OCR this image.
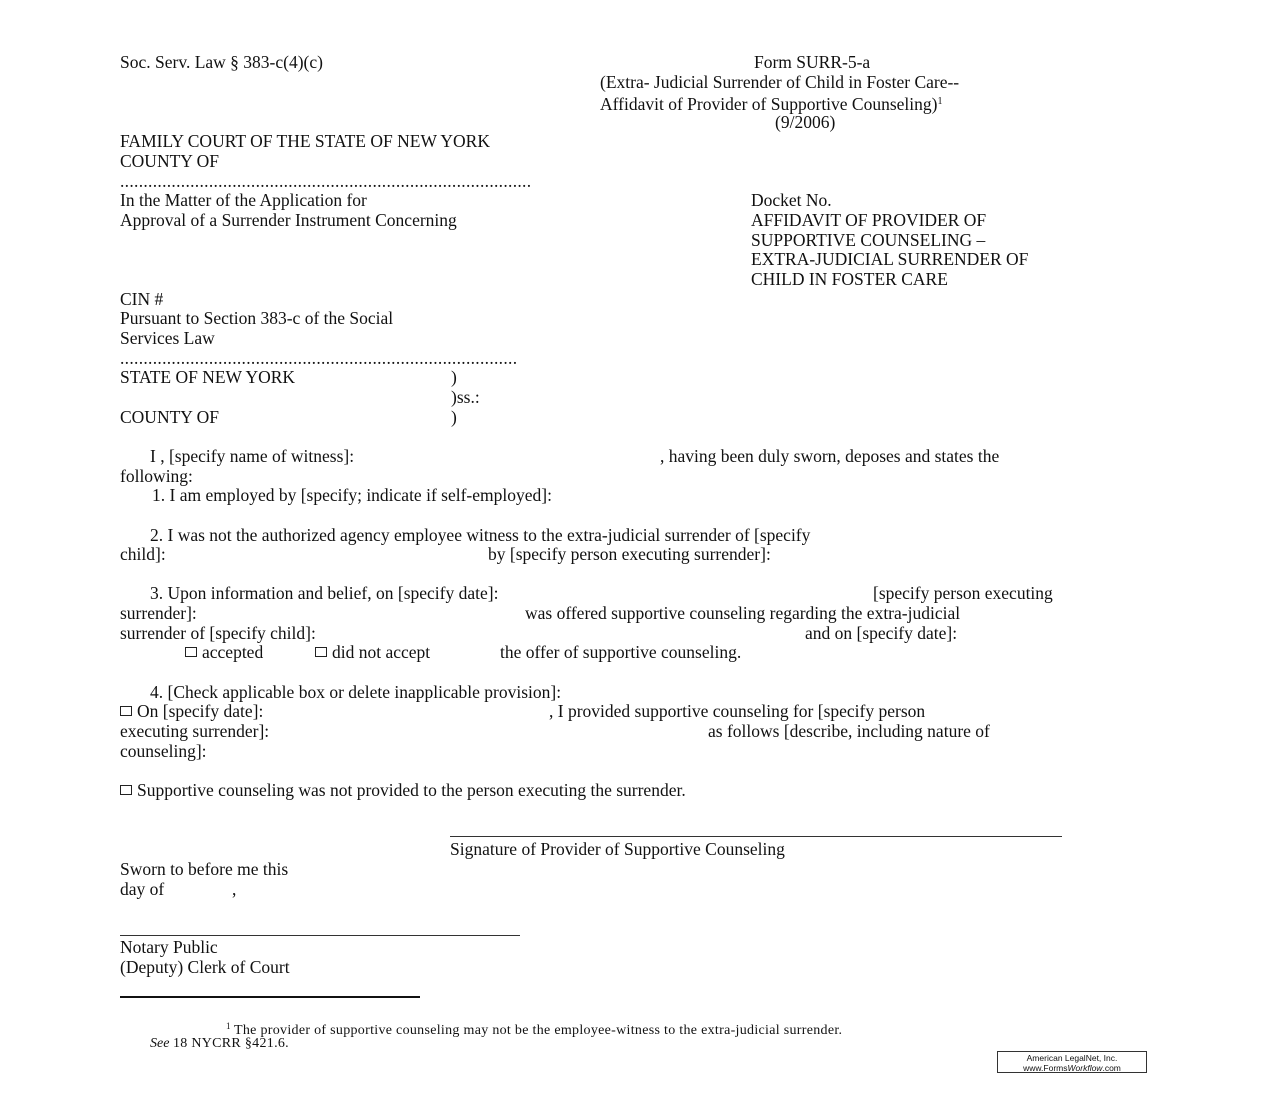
Soc. Serv. Law § 383-c(4)(c)	Form SURR-5-a
(Extra- Judicial Surrender of Child in Foster Care--
Affidavit of Provider of Supportive Counseling)$^1$
(9/2006)
FAMILY COURT OF THE STATE OF NEW YORK
COUNTY OF
........................................................................................
In the Matter of the Application for
Approval of a Surrender Instrument Concerning
Docket No.
AFFIDAVIT OF PROVIDER OF
SUPPORTIVE COUNSELING –
EXTRA-JUDICIAL SURRENDER OF
CHILD IN FOSTER CARE
CIN #
Pursuant to Section 383-c of the Social
Services Law
.....................................................................................
STATE OF NEW YORK	)
)ss.:
COUNTY OF	)
I , [specify name of witness]:	, having been duly sworn, deposes and states the
following:
1. I am employed by [specify; indicate if self-employed]:
2. I was not the authorized agency employee witness to the extra-judicial surrender of [specify
child]:	by [specify person executing surrender]:
3. Upon information and belief, on [specify date]:	[specify person executing
surrender]:	was offered supportive counseling regarding the extra-judicial
surrender of [specify child]:	and on [specify date]:
accepted	did not accept	the offer of supportive counseling.
4. [Check applicable box or delete inapplicable provision]:
On [specify date]:	, I provided supportive counseling for [specify person
executing surrender]:	as follows [describe, including nature of
counseling]:
Supportive counseling was not provided to the person executing the surrender.
Signature of Provider of Supportive Counseling
Sworn to before me this
day of	,
Notary Public
(Deputy) Clerk of Court
$^1$ The provider of supportive counseling may not be the employee-witness to the extra-judicial surrender.
See 18 NYCRR §421.6.
American LegalNet, Inc.
www.FormsWorkflow.com
